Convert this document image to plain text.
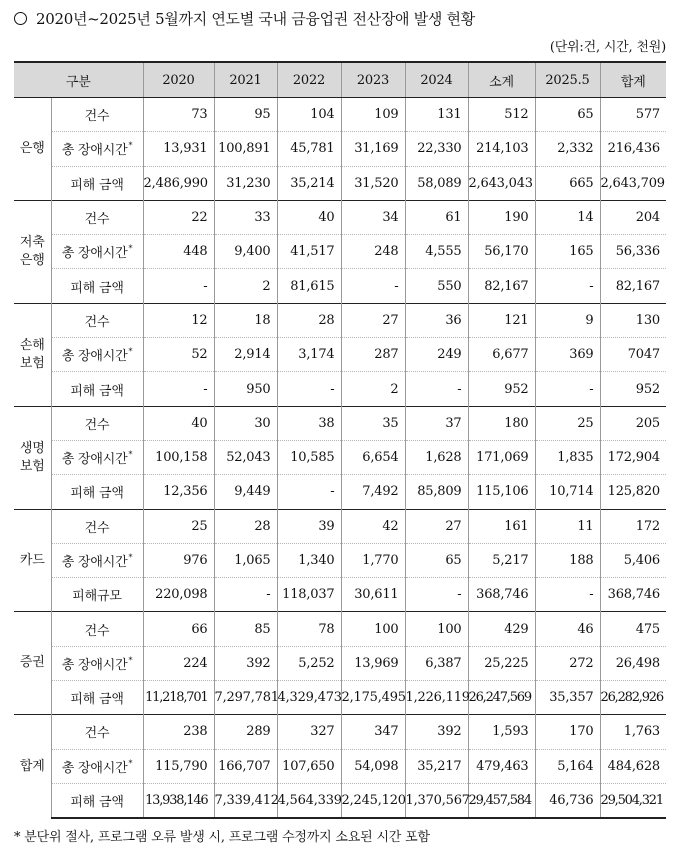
2020년~2025년 5월까지 연도별 국내 금융업권 전산장애 발생 현황
(단위:건, 시간, 천원)
구분		2020	2021	2022	2023	2024	소계	2025.5	합계
은행	건수	73	95	104	109	131	512	65	577
	총 장애시간*	13,931	100,891	45,781	31,169	22,330	214,103	2,332	216,436
	피해 금액	2,486,990	31,230	35,214	31,520	58,089	2,643,043	665	2,643,709
저축
은행	건수	22	33	40	34	61	190	14	204
	총 장애시간*	448	9,400	41,517	248	4,555	56,170	165	56,336
	피해 금액	-	2	81,615	-	550	82,167	-	82,167
손해
보험	건수	12	18	28	27	36	121	9	130
	총 장애시간*	52	2,914	3,174	287	249	6,677	369	7047
	피해 금액	-	950	-	2	-	952	-	952
생명
보험	건수	40	30	38	35	37	180	25	205
	총 장애시간*	100,158	52,043	10,585	6,654	1,628	171,069	1,835	172,904
	피해 금액	12,356	9,449	-	7,492	85,809	115,106	10,714	125,820
카드	건수	25	28	39	42	27	161	11	172
	총 장애시간*	976	1,065	1,340	1,770	65	5,217	188	5,406
	피해규모	220,098	-	118,037	30,611	-	368,746	-	368,746
증권	건수	66	85	78	100	100	429	46	475
	총 장애시간*	224	392	5,252	13,969	6,387	25,225	272	26,498
	피해 금액	11,218,701	7,297,781	4,329,473	2,175,495	1,226,119	26,247,569	35,357	26,282,926
합계	건수	238	289	327	347	392	1,593	170	1,763
	총 장애시간*	115,790	166,707	107,650	54,098	35,217	479,463	5,164	484,628
	피해 금액	13,938,146	7,339,412	4,564,339	2,245,120	1,370,567	29,457,584	46,736	29,504,321
* 분단위 절사, 프로그램 오류 발생 시, 프로그램 수정까지 소요된 시간 포함
